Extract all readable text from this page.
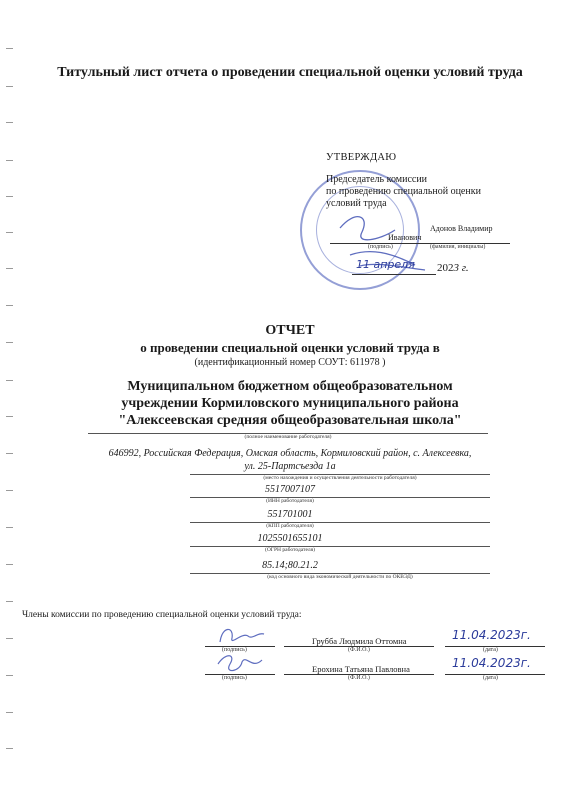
Титульный лист отчета о проведении специальной оценки условий труда
УТВЕРЖДАЮ
Председатель комиссии
по проведению специальной оценки
условий труда
Адонов Владимир
Иванович
(подпись)	(фамилия, инициалы)
11 апреля 2023 г.
ОТЧЕТ
о проведении специальной оценки условий труда в
(идентификационный номер СОУТ: 611978 )
Муниципальном бюджетном общеобразовательном
учреждении Кормиловского муниципального района
"Алексеевская средняя общеобразовательная школа"
(полное наименование работодателя)
646992, Российская Федерация, Омская область, Кормиловский район, с. Алексеевка,
ул. 25-Партсъезда 1а
(место нахождения и осуществления деятельности работодателя)
5517007107
(ИНН работодателя)
551701001
(КПП работодателя)
1025501655101
(ОГРН работодателя)
85.14;80.21.2
(код основного вида экономической деятельности по ОКВЭД)
Члены комиссии по проведению специальной оценки условий труда:
(подпись)
Грубба Людмила Оттомна
(Ф.И.О.)
11.04.2023г.
(дата)
(подпись)
Ерохина Татьяна Павловна
(Ф.И.О.)
11.04.2023г.
(дата)
